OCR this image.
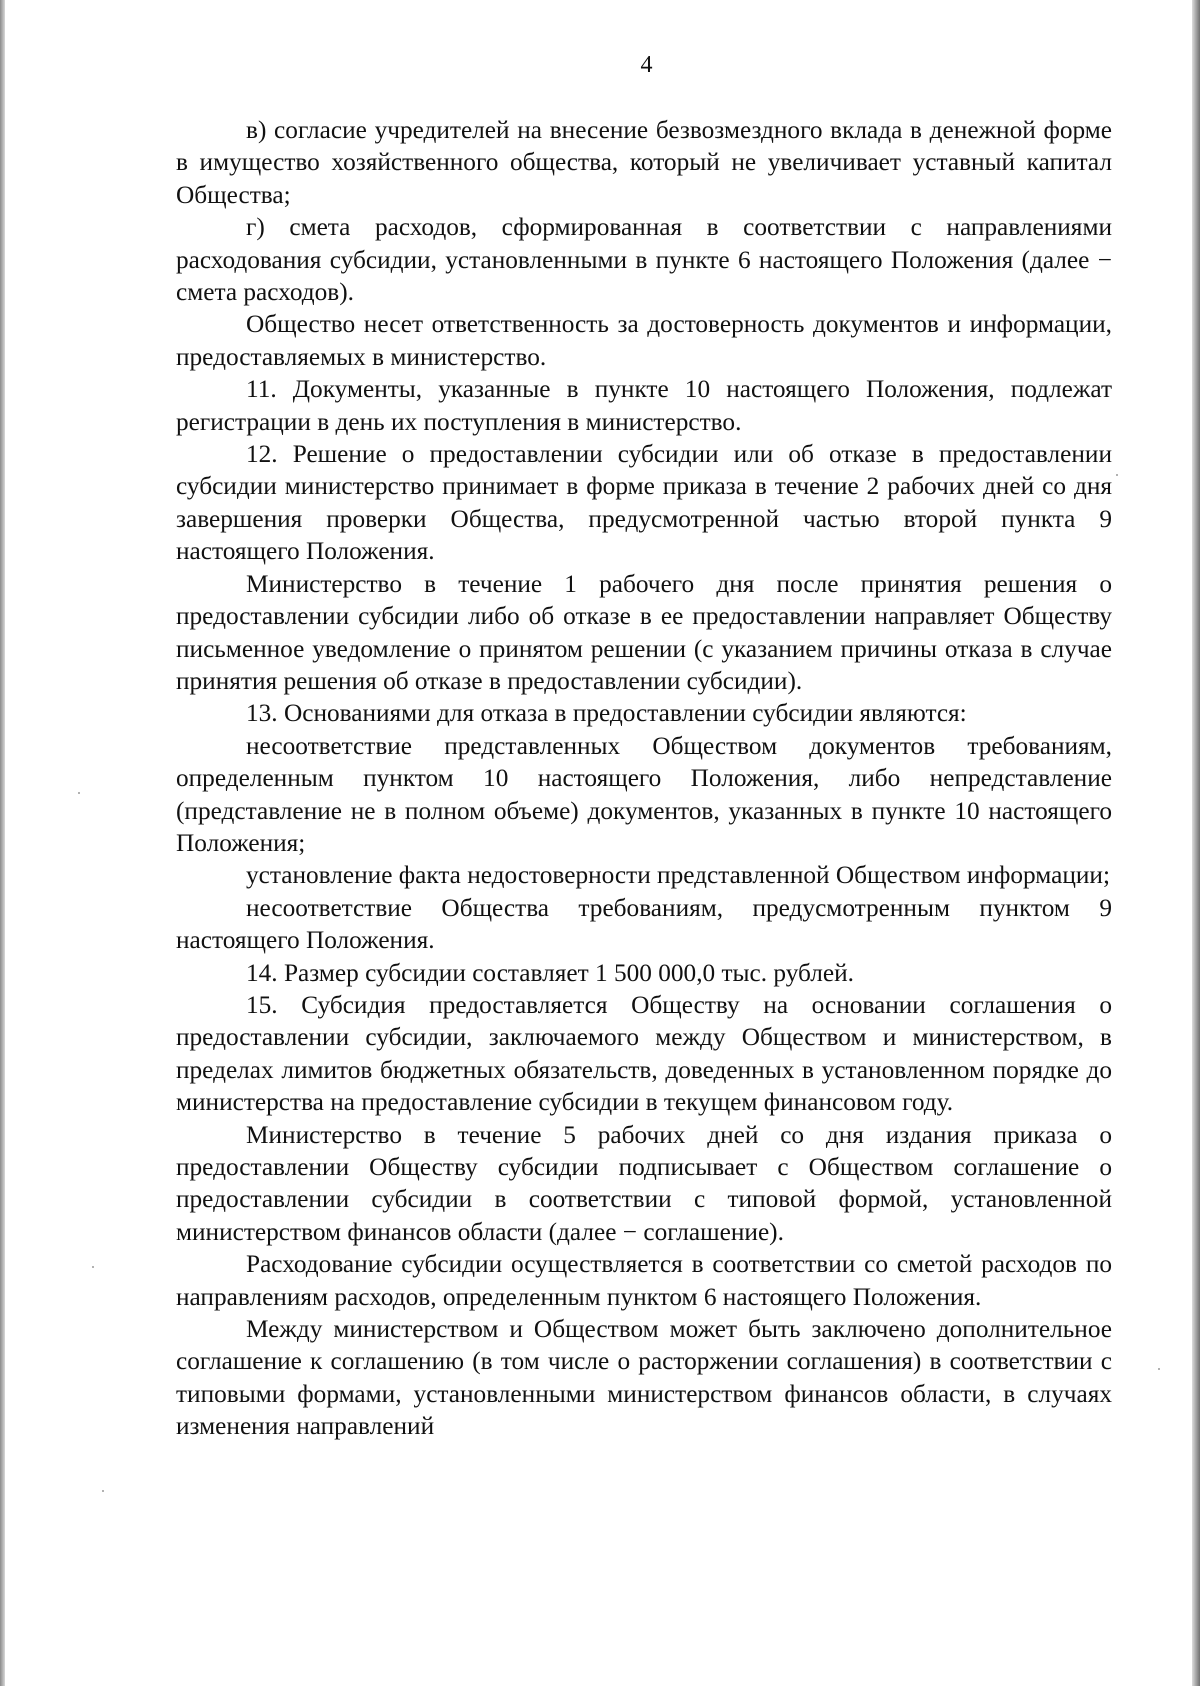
4

в) согласие учредителей на внесение безвозмездного вклада в денежной форме в имущество хозяйственного общества, который не увеличивает уставный капитал Общества;

г) смета расходов, сформированная в соответствии с направлениями расходования субсидии, установленными в пункте 6 настоящего Положения (далее − смета расходов).

Общество несет ответственность за достоверность документов и информации, предоставляемых в министерство.

11. Документы, указанные в пункте 10 настоящего Положения, подлежат регистрации в день их поступления в министерство.

12. Решение о предоставлении субсидии или об отказе в предоставлении субсидии министерство принимает в форме приказа в течение 2 рабочих дней со дня завершения проверки Общества, предусмотренной частью второй пункта 9 настоящего Положения.

Министерство в течение 1 рабочего дня после принятия решения о предоставлении субсидии либо об отказе в ее предоставлении направляет Обществу письменное уведомление о принятом решении (с указанием причины отказа в случае принятия решения об отказе в предоставлении субсидии).

13. Основаниями для отказа в предоставлении субсидии являются:

несоответствие представленных Обществом документов требованиям, определенным пунктом 10 настоящего Положения, либо непредставление (представление не в полном объеме) документов, указанных в пункте 10 настоящего Положения;

установление факта недостоверности представленной Обществом информации;

несоответствие Общества требованиям, предусмотренным пунктом 9 настоящего Положения.

14. Размер субсидии составляет 1 500 000,0 тыс. рублей.

15. Субсидия предоставляется Обществу на основании соглашения о предоставлении субсидии, заключаемого между Обществом и министерством, в пределах лимитов бюджетных обязательств, доведенных в установленном порядке до министерства на предоставление субсидии в текущем финансовом году.

Министерство в течение 5 рабочих дней со дня издания приказа о предоставлении Обществу субсидии подписывает с Обществом соглашение о предоставлении субсидии в соответствии с типовой формой, установленной министерством финансов области (далее − соглашение).

Расходование субсидии осуществляется в соответствии со сметой расходов по направлениям расходов, определенным пунктом 6 настоящего Положения.

Между министерством и Обществом может быть заключено дополнительное соглашение к соглашению (в том числе о расторжении соглашения) в соответствии с типовыми формами, установленными министерством финансов области, в случаях изменения направлений
